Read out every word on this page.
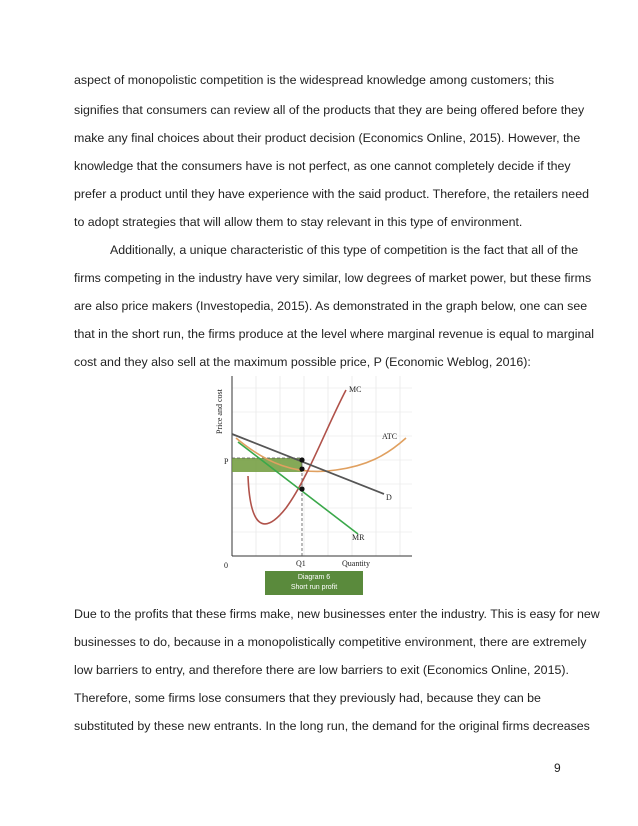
aspect of monopolistic competition is the widespread knowledge among customers; this
signifies that consumers can review all of the products that they are being offered before they
make any final choices about their product decision (Economics Online, 2015). However, the
knowledge that the consumers have is not perfect, as one cannot completely decide if they
prefer a product until they have experience with the said product. Therefore, the retailers need
to adopt strategies that will allow them to stay relevant in this type of environment.
Additionally, a unique characteristic of this type of competition is the fact that all of the
firms competing in the industry have very similar, low degrees of market power, but these firms
are also price makers (Investopedia, 2015). As demonstrated in the graph below, one can see
that in the short run, the firms produce at the level where marginal revenue is equal to marginal
cost and they also sell at the maximum possible price, P (Economic Weblog, 2016):
Price and cost
P
0	Q1	Quantity
MC
ATC
D
MR
Diagram 6
Short run profit
Due to the profits that these firms make, new businesses enter the industry. This is easy for new
businesses to do, because in a monopolistically competitive environment, there are extremely
low barriers to entry, and therefore there are low barriers to exit (Economics Online, 2015).
Therefore, some firms lose consumers that they previously had, because they can be
substituted by these new entrants. In the long run, the demand for the original firms decreases
9
